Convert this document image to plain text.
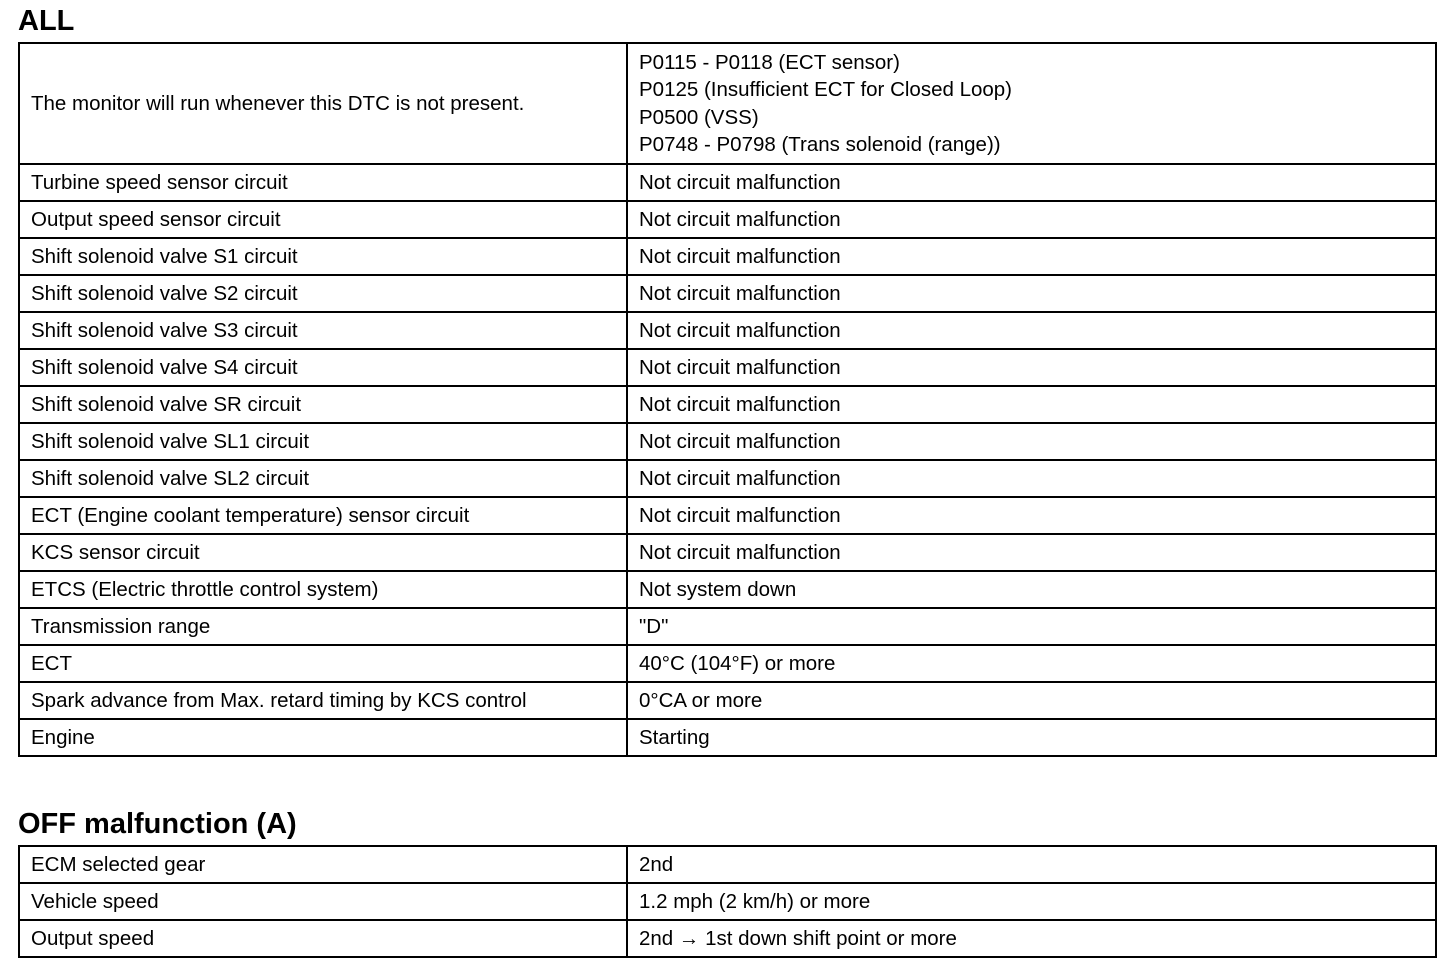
ALL
The monitor will run whenever this DTC is not present.	P0115 - P0118 (ECT sensor)
P0125 (Insufficient ECT for Closed Loop)
P0500 (VSS)
P0748 - P0798 (Trans solenoid (range))

Turbine speed sensor circuit	Not circuit malfunction
Output speed sensor circuit	Not circuit malfunction
Shift solenoid valve S1 circuit	Not circuit malfunction
Shift solenoid valve S2 circuit	Not circuit malfunction
Shift solenoid valve S3 circuit	Not circuit malfunction
Shift solenoid valve S4 circuit	Not circuit malfunction
Shift solenoid valve SR circuit	Not circuit malfunction
Shift solenoid valve SL1 circuit	Not circuit malfunction
Shift solenoid valve SL2 circuit	Not circuit malfunction
ECT (Engine coolant temperature) sensor circuit	Not circuit malfunction
KCS sensor circuit	Not circuit malfunction
ETCS (Electric throttle control system)	Not system down
Transmission range	"D"
ECT	40°C (104°F) or more
Spark advance from Max. retard timing by KCS control	0°CA or more
Engine	Starting
OFF malfunction (A)
ECM selected gear	2nd
Vehicle speed	1.2 mph (2 km/h) or more
Output speed	2nd → 1st down shift point or more
